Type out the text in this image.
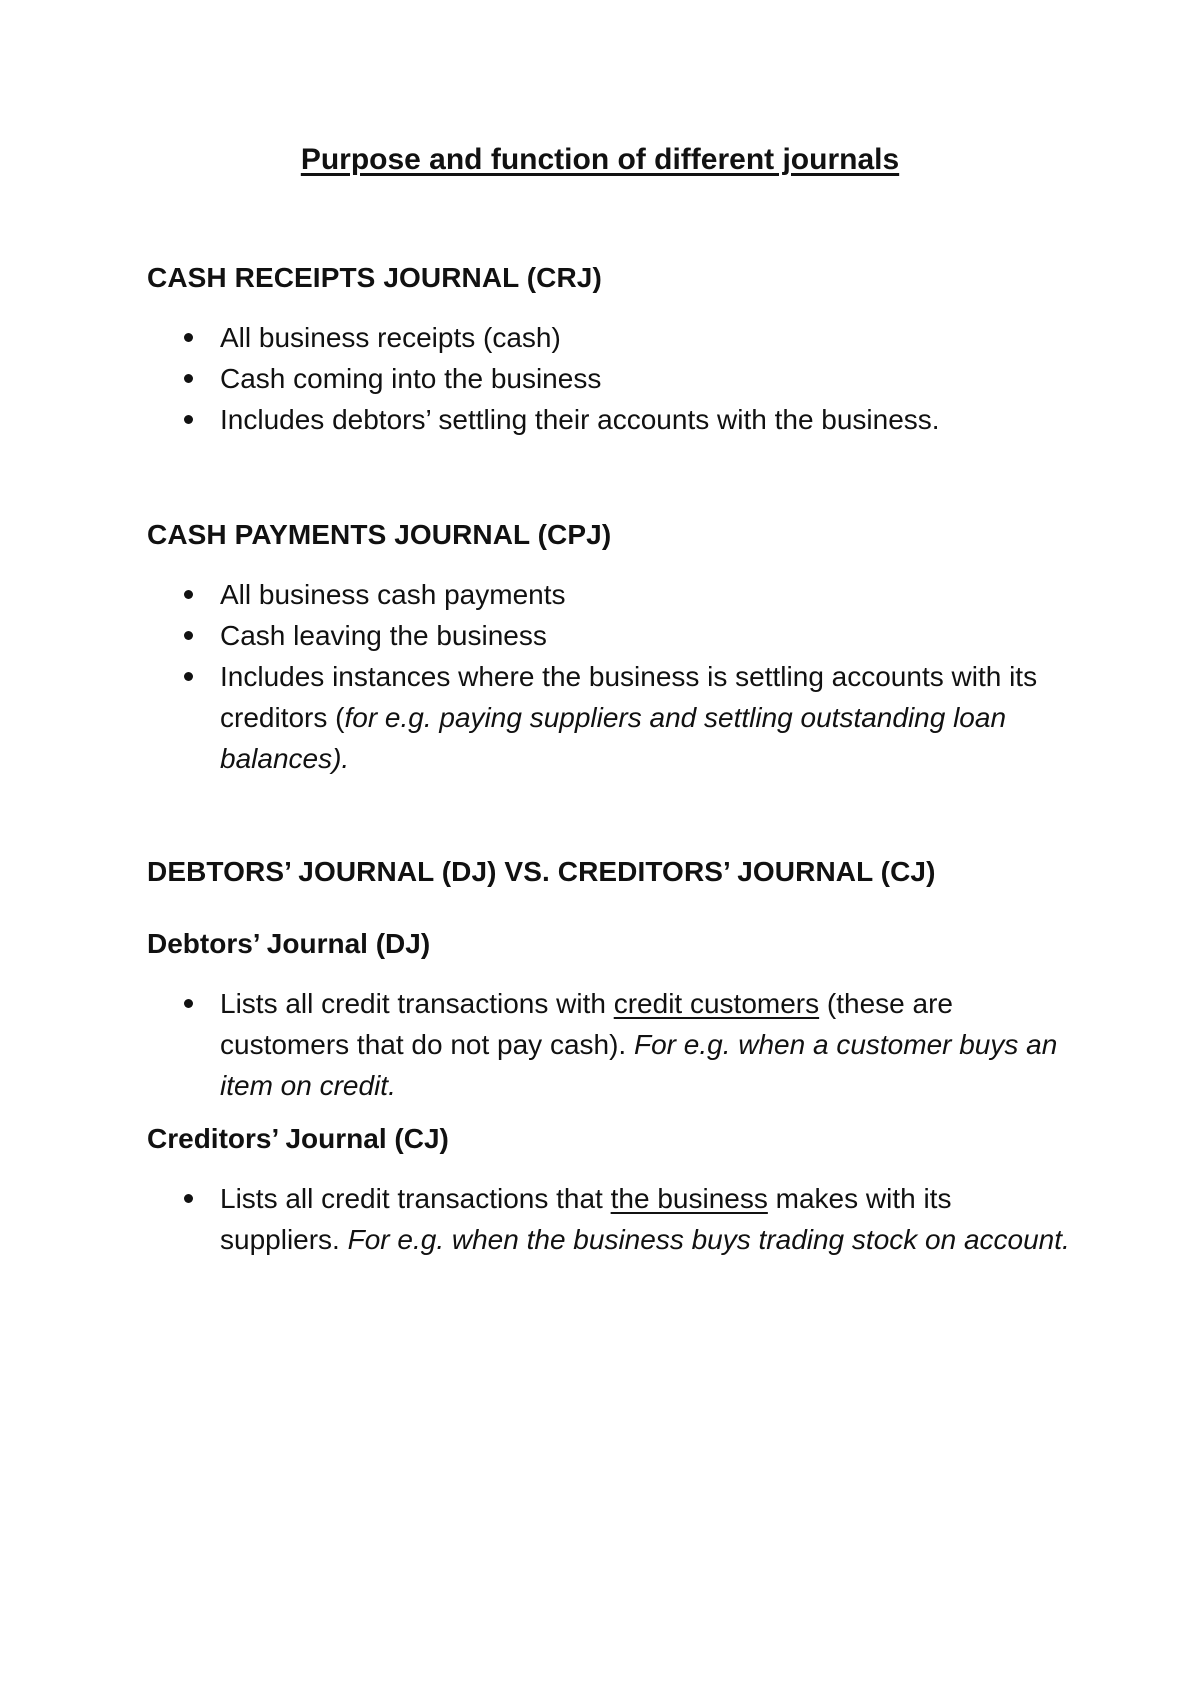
Purpose and function of different journals
CASH RECEIPTS JOURNAL (CRJ)
All business receipts (cash)
Cash coming into the business
Includes debtors’ settling their accounts with the business.
CASH PAYMENTS JOURNAL (CPJ)
All business cash payments
Cash leaving the business
Includes instances where the business is settling accounts with its creditors (for e.g. paying suppliers and settling outstanding loan balances).
DEBTORS’ JOURNAL (DJ) VS. CREDITORS’ JOURNAL (CJ)
Debtors’ Journal (DJ)
Lists all credit transactions with credit customers (these are customers that do not pay cash). For e.g. when a customer buys an item on credit.
Creditors’ Journal (CJ)
Lists all credit transactions that the business makes with its suppliers. For e.g. when the business buys trading stock on account.
